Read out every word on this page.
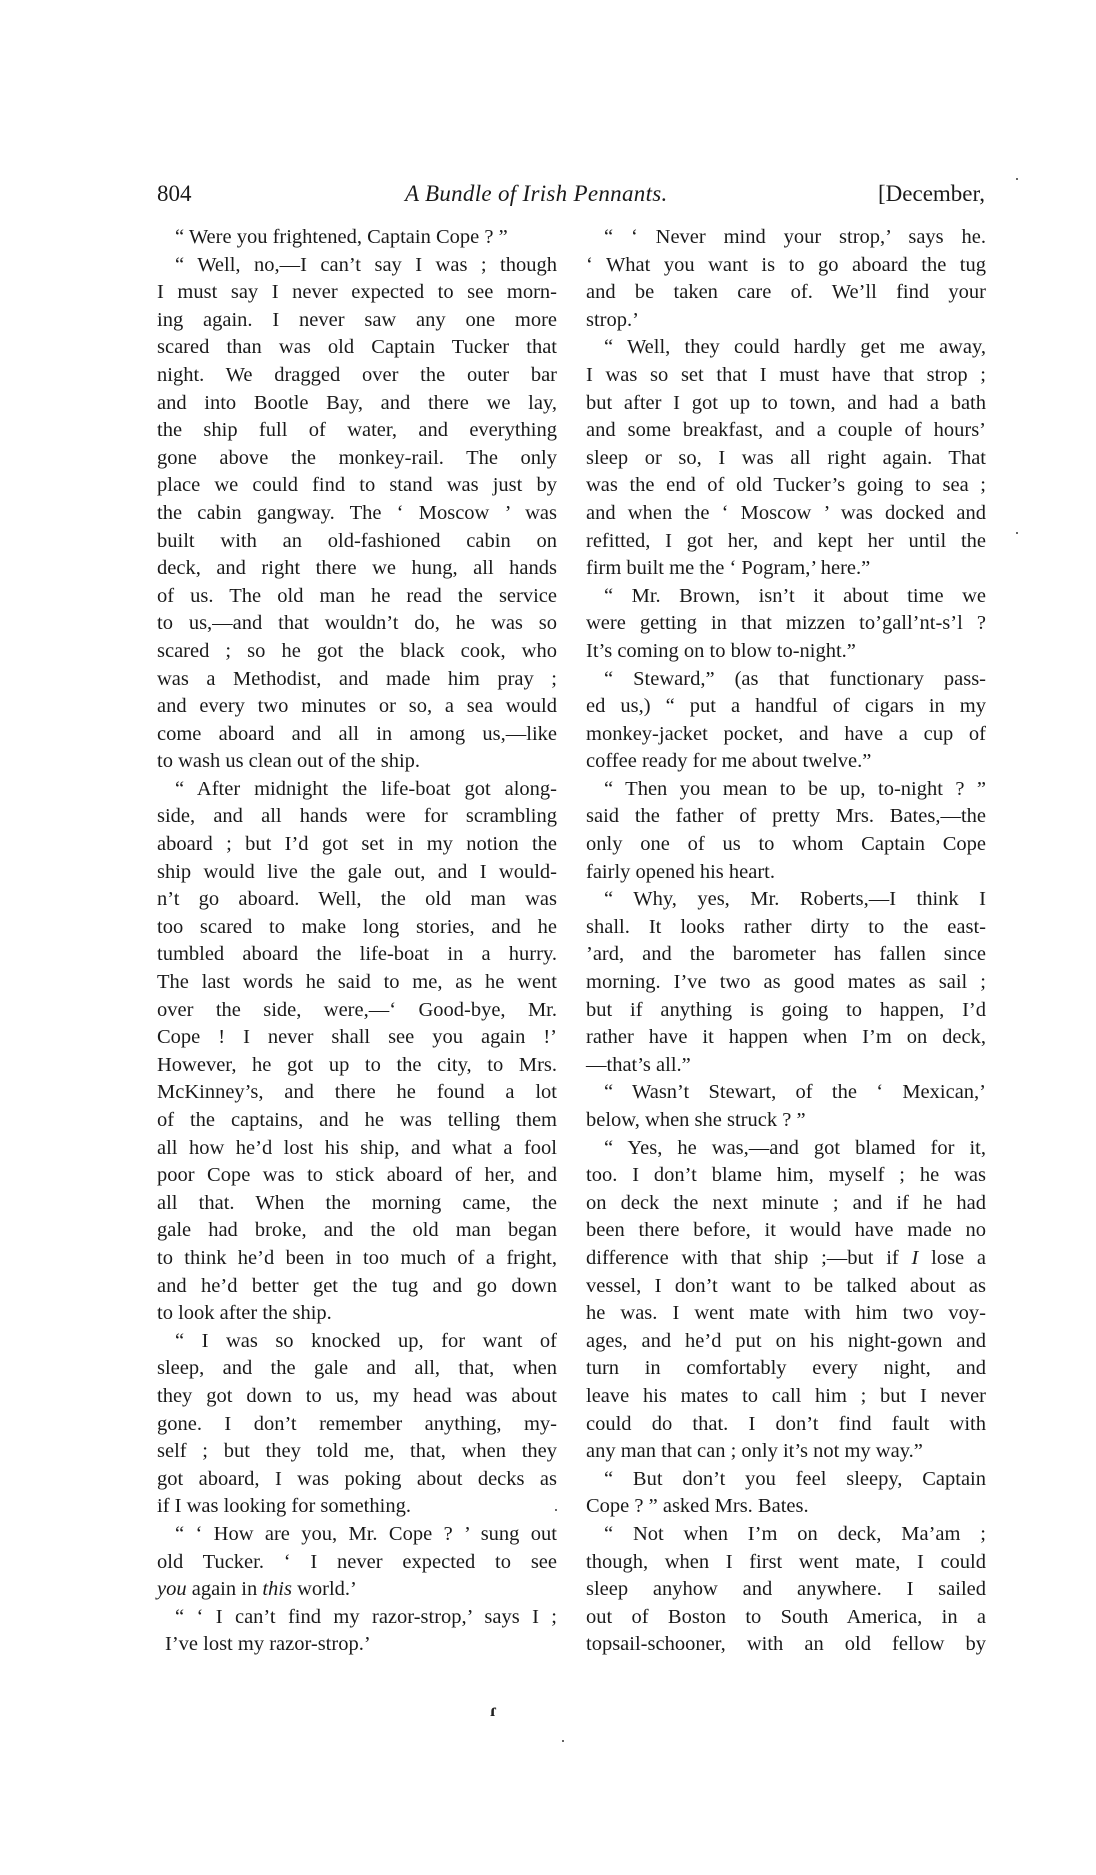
804	A Bundle of Irish Pennants.	[December,
“ Were you frightened, Captain Cope ? ”
“ Well, no,—I can’t say I was ; though
I must say I never expected to see morn-
ing again. I never saw any one more
scared than was old Captain Tucker that
night. We dragged over the outer bar
and into Bootle Bay, and there we lay,
the ship full of water, and everything
gone above the monkey-rail. The only
place we could find to stand was just by
the cabin gangway. The ‘ Moscow ’ was
built with an old-fashioned cabin on
deck, and right there we hung, all hands
of us. The old man he read the service
to us,—and that wouldn’t do, he was so
scared ; so he got the black cook, who
was a Methodist, and made him pray ;
and every two minutes or so, a sea would
come aboard and all in among us,—like
to wash us clean out of the ship.
“ After midnight the life-boat got along-
side, and all hands were for scrambling
aboard ; but I’d got set in my notion the
ship would live the gale out, and I would-
n’t go aboard. Well, the old man was
too scared to make long stories, and he
tumbled aboard the life-boat in a hurry.
The last words he said to me, as he went
over the side, were,—‘ Good-bye, Mr.
Cope ! I never shall see you again !’
However, he got up to the city, to Mrs.
McKinney’s, and there he found a lot
of the captains, and he was telling them
all how he’d lost his ship, and what a fool
poor Cope was to stick aboard of her, and
all that. When the morning came, the
gale had broke, and the old man began
to think he’d been in too much of a fright,
and he’d better get the tug and go down
to look after the ship.
“ I was so knocked up, for want of
sleep, and the gale and all, that, when
they got down to us, my head was about
gone. I don’t remember anything, my-
self ; but they told me, that, when they
got aboard, I was poking about decks as
if I was looking for something.
“ ‘ How are you, Mr. Cope ? ’ sung out
old Tucker. ‘ I never expected to see
you again in this world.’
“ ‘ I can’t find my razor-strop,’ says I ;
I’ve lost my razor-strop.’
“ ‘ Never mind your strop,’ says he.
‘ What you want is to go aboard the tug
and be taken care of. We’ll find your
strop.’
“ Well, they could hardly get me away,
I was so set that I must have that strop ;
but after I got up to town, and had a bath
and some breakfast, and a couple of hours’
sleep or so, I was all right again. That
was the end of old Tucker’s going to sea ;
and when the ‘ Moscow ’ was docked and
refitted, I got her, and kept her until the
firm built me the ‘ Pogram,’ here.”
“ Mr. Brown, isn’t it about time we
were getting in that mizzen to’gall’nt-s’l ?
It’s coming on to blow to-night.”
“ Steward,” (as that functionary pass-
ed us,) “ put a handful of cigars in my
monkey-jacket pocket, and have a cup of
coffee ready for me about twelve.”
“ Then you mean to be up, to-night ? ”
said the father of pretty Mrs. Bates,—the
only one of us to whom Captain Cope
fairly opened his heart.
“ Why, yes, Mr. Roberts,—I think I
shall. It looks rather dirty to the east-
’ard, and the barometer has fallen since
morning. I’ve two as good mates as sail ;
but if anything is going to happen, I’d
rather have it happen when I’m on deck,
—that’s all.”
“ Wasn’t Stewart, of the ‘ Mexican,’
below, when she struck ? ”
“ Yes, he was,—and got blamed for it,
too. I don’t blame him, myself ; he was
on deck the next minute ; and if he had
been there before, it would have made no
difference with that ship ;—but if I lose a
vessel, I don’t want to be talked about as
he was. I went mate with him two voy-
ages, and he’d put on his night-gown and
turn in comfortably every night, and
leave his mates to call him ; but I never
could do that. I don’t find fault with
any man that can ; only it’s not my way.”
“ But don’t you feel sleepy, Captain
Cope ? ” asked Mrs. Bates.
“ Not when I’m on deck, Ma’am ;
though, when I first went mate, I could
sleep anyhow and anywhere. I sailed
out of Boston to South America, in a
topsail-schooner, with an old fellow by
ɾ
